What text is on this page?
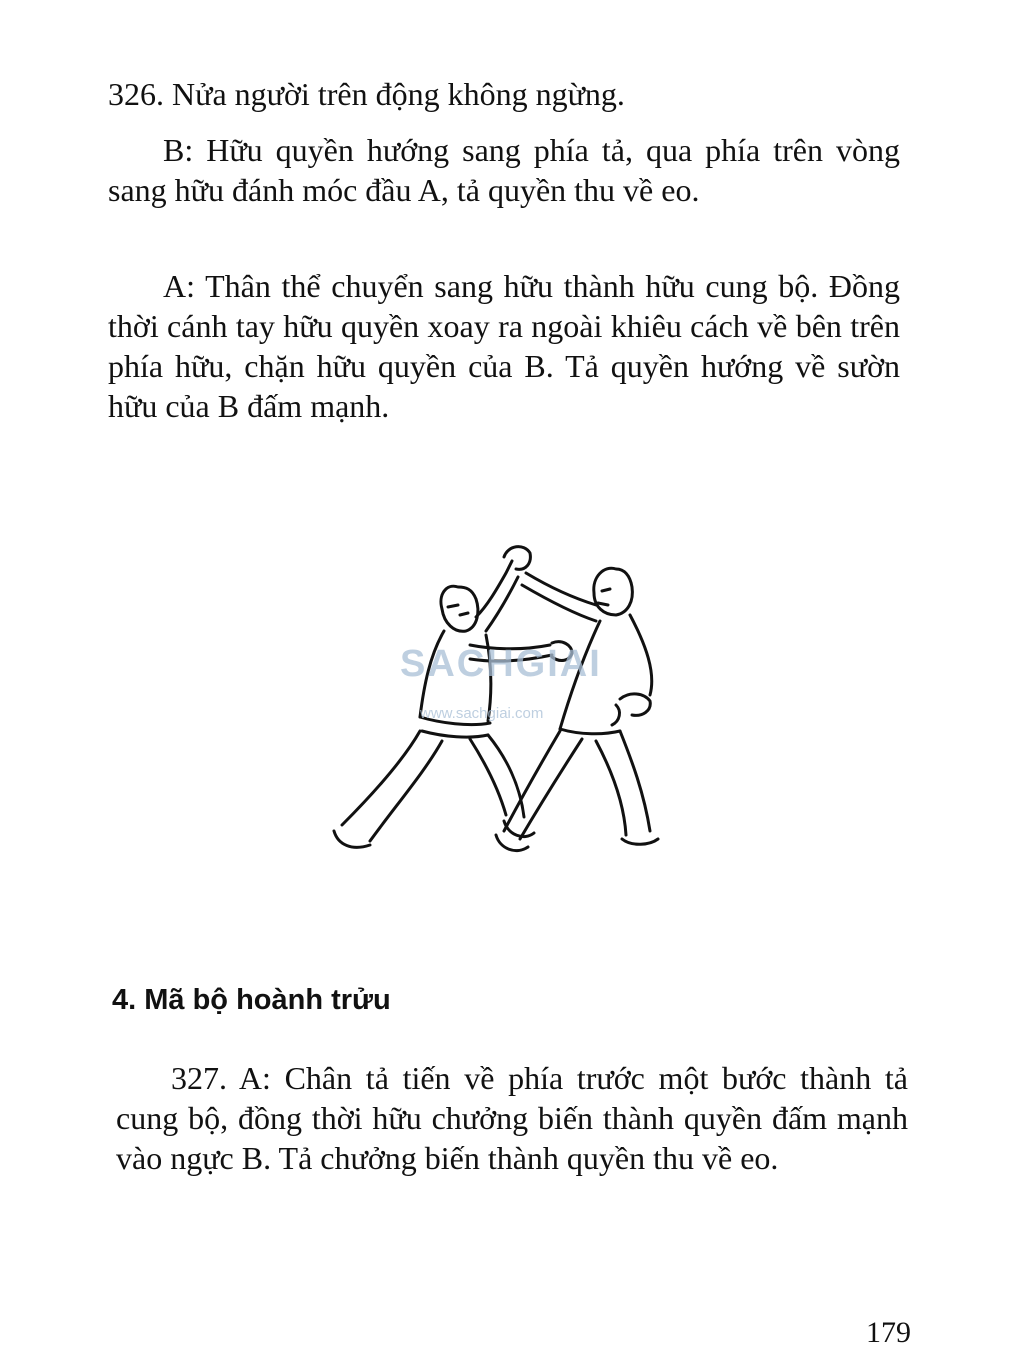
326. Nửa người trên động không ngừng.

B: Hữu quyền hướng sang phía tả, qua phía trên vòng sang hữu đánh móc đầu A, tả quyền thu về eo.

A: Thân thể chuyển sang hữu thành hữu cung bộ. Đồng thời cánh tay hữu quyền xoay ra ngoài khiêu cách về bên trên phía hữu, chặn hữu quyền của B. Tả quyền hướng về sườn hữu của B đấm mạnh.

SACHGIAI
www.sachgiai.com
4. Mã bộ hoành trửu

327. A: Chân tả tiến về phía trước một bước thành tả cung bộ, đồng thời hữu chưởng biến thành quyền đấm mạnh vào ngực B. Tả chưởng biến thành quyền thu về eo.

179
